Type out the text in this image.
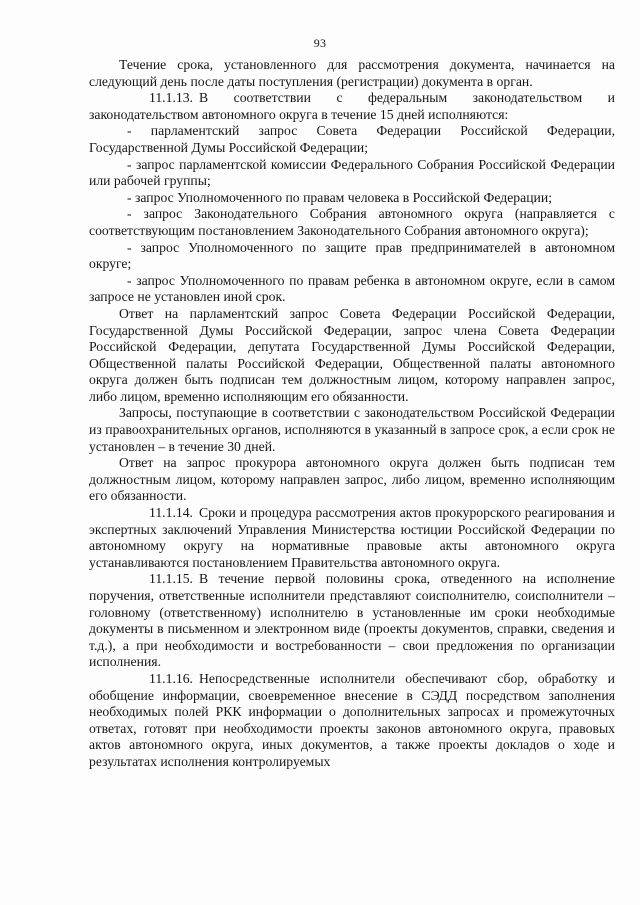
93

Течение срока, установленного для рассмотрения документа, начинается на следующий день после даты поступления (регистрации) документа в орган.

11.1.13. В соответствии с федеральным законодательством и законодательством автономного округа в течение 15 дней исполняются:

- парламентский запрос Совета Федерации Российской Федерации, Государственной Думы Российской Федерации;

- запрос парламентской комиссии Федерального Собрания Российской Федерации или рабочей группы;

- запрос Уполномоченного по правам человека в Российской Федерации;

- запрос Законодательного Собрания автономного округа (направляется с соответствующим постановлением Законодательного Собрания автономного округа);

- запрос Уполномоченного по защите прав предпринимателей в автономном округе;

- запрос Уполномоченного по правам ребенка в автономном округе, если в самом запросе не установлен иной срок.

Ответ на парламентский запрос Совета Федерации Российской Федерации, Государственной Думы Российской Федерации, запрос члена Совета Федерации Российской Федерации, депутата Государственной Думы Российской Федерации, Общественной палаты Российской Федерации, Общественной палаты автономного округа должен быть подписан тем должностным лицом, которому направлен запрос, либо лицом, временно исполняющим его обязанности.

Запросы, поступающие в соответствии с законодательством Российской Федерации из правоохранительных органов, исполняются в указанный в запросе срок, а если срок не установлен – в течение 30 дней.

Ответ на запрос прокурора автономного округа должен быть подписан тем должностным лицом, которому направлен запрос, либо лицом, временно исполняющим его обязанности.

11.1.14. Сроки и процедура рассмотрения актов прокурорского реагирования и экспертных заключений Управления Министерства юстиции Российской Федерации по автономному округу на нормативные правовые акты автономного округа устанавливаются постановлением Правительства автономного округа.

11.1.15. В течение первой половины срока, отведенного на исполнение поручения, ответственные исполнители представляют соисполнителю, соисполнители – головному (ответственному) исполнителю в установленные им сроки необходимые документы в письменном и электронном виде (проекты документов, справки, сведения и т.д.), а при необходимости и востребованности – свои предложения по организации исполнения.

11.1.16. Непосредственные исполнители обеспечивают сбор, обработку и обобщение информации, своевременное внесение в СЭДД посредством заполнения необходимых полей РКК информации о дополнительных запросах и промежуточных ответах, готовят при необходимости проекты законов автономного округа, правовых актов автономного округа, иных документов, а также проекты докладов о ходе и результатах исполнения контролируемых
